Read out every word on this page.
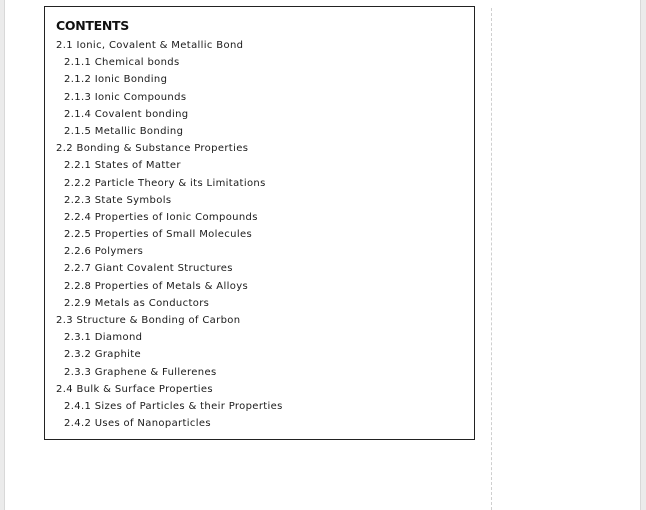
CONTENTS
2.1 Ionic, Covalent & Metallic Bond
2.1.1 Chemical bonds
2.1.2 Ionic Bonding
2.1.3 Ionic Compounds
2.1.4 Covalent bonding
2.1.5 Metallic Bonding
2.2 Bonding & Substance Properties
2.2.1 States of Matter
2.2.2 Particle Theory & its Limitations
2.2.3 State Symbols
2.2.4 Properties of Ionic Compounds
2.2.5 Properties of Small Molecules
2.2.6 Polymers
2.2.7 Giant Covalent Structures
2.2.8 Properties of Metals & Alloys
2.2.9 Metals as Conductors
2.3 Structure & Bonding of Carbon
2.3.1 Diamond
2.3.2 Graphite
2.3.3 Graphene & Fullerenes
2.4 Bulk & Surface Properties
2.4.1 Sizes of Particles & their Properties
2.4.2 Uses of Nanoparticles
